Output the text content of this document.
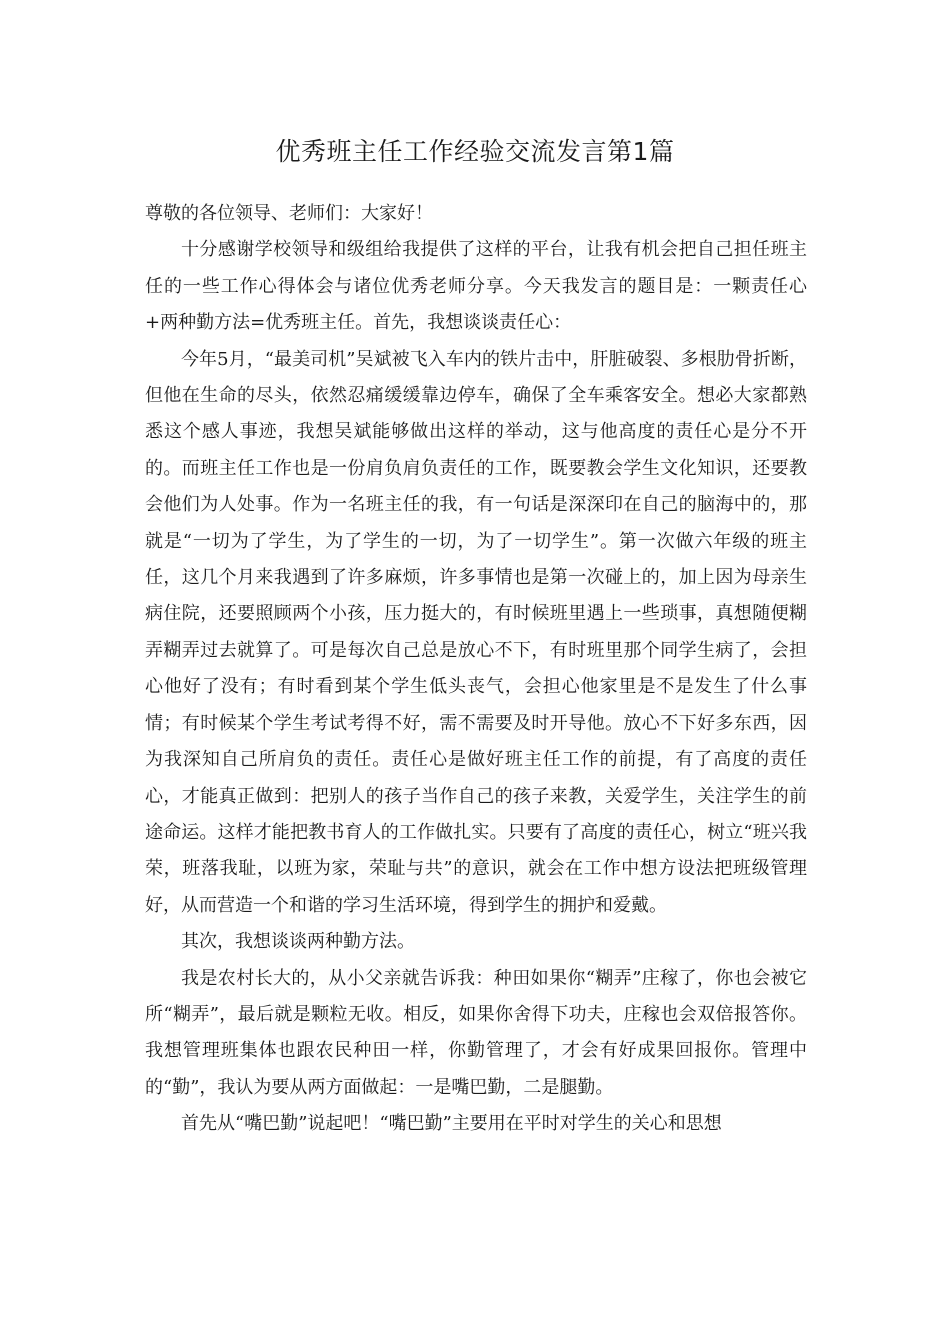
优秀班主任工作经验交流发言第1篇

尊敬的各位领导、老师们：大家好！

十分感谢学校领导和级组给我提供了这样的平台，让我有机会把自己担任班主任的一些工作心得体会与诸位优秀老师分享。今天我发言的题目是：一颗责任心+两种勤方法=优秀班主任。首先，我想谈谈责任心：

今年5月，“最美司机”吴斌被飞入车内的铁片击中，肝脏破裂、多根肋骨折断，但他在生命的尽头，依然忍痛缓缓靠边停车，确保了全车乘客安全。想必大家都熟悉这个感人事迹，我想吴斌能够做出这样的举动，这与他高度的责任心是分不开的。而班主任工作也是一份肩负肩负责任的工作，既要教会学生文化知识，还要教会他们为人处事。作为一名班主任的我，有一句话是深深印在自己的脑海中的，那就是“一切为了学生，为了学生的一切，为了一切学生”。第一次做六年级的班主任，这几个月来我遇到了许多麻烦，许多事情也是第一次碰上的，加上因为母亲生病住院，还要照顾两个小孩，压力挺大的，有时候班里遇上一些琐事，真想随便糊弄糊弄过去就算了。可是每次自己总是放心不下，有时班里那个同学生病了，会担心他好了没有；有时看到某个学生低头丧气，会担心他家里是不是发生了什么事情；有时候某个学生考试考得不好，需不需要及时开导他。放心不下好多东西，因为我深知自己所肩负的责任。责任心是做好班主任工作的前提，有了高度的责任心，才能真正做到：把别人的孩子当作自己的孩子来教，关爱学生，关注学生的前途命运。这样才能把教书育人的工作做扎实。只要有了高度的责任心，树立“班兴我荣，班落我耻，以班为家，荣耻与共”的意识，就会在工作中想方设法把班级管理好，从而营造一个和谐的学习生活环境，得到学生的拥护和爱戴。

其次，我想谈谈两种勤方法。

我是农村长大的，从小父亲就告诉我：种田如果你“糊弄”庄稼了，你也会被它所“糊弄”，最后就是颗粒无收。相反，如果你舍得下功夫，庄稼也会双倍报答你。我想管理班集体也跟农民种田一样，你勤管理了，才会有好成果回报你。管理中的“勤”，我认为要从两方面做起：一是嘴巴勤，二是腿勤。

首先从“嘴巴勤”说起吧！“嘴巴勤”主要用在平时对学生的关心和思想
